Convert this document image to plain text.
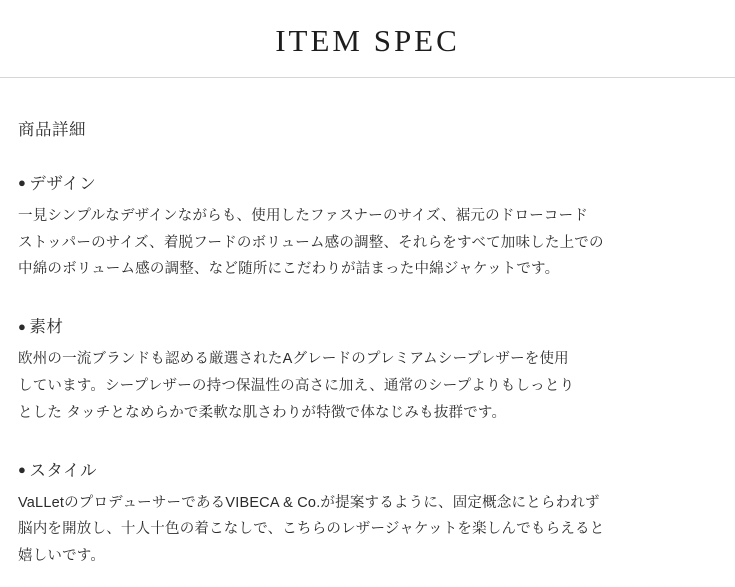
ITEM SPEC
商品詳細
● デザイン

一見シンプルなデザインながらも、使用したファスナーのサイズ、裾元のドローコード
ストッパーのサイズ、着脱フードのボリューム感の調整、それらをすべて加味した上での
中綿のボリューム感の調整、など随所にこだわりが詰まった中綿ジャケットです。

● 素材

欧州の一流ブランドも認める厳選されたAグレードのプレミアムシープレザーを使用
しています。シープレザーの持つ保温性の高さに加え、通常のシープよりもしっとり
とした タッチとなめらかで柔軟な肌さわりが特徴で体なじみも抜群です。

● スタイル

VaLLetのプロデューサーであるVIBECA & Co.が提案するように、固定概念にとらわれず
脳内を開放し、十人十色の着こなしで、こちらのレザージャケットを楽しんでもらえると
嬉しいです。
